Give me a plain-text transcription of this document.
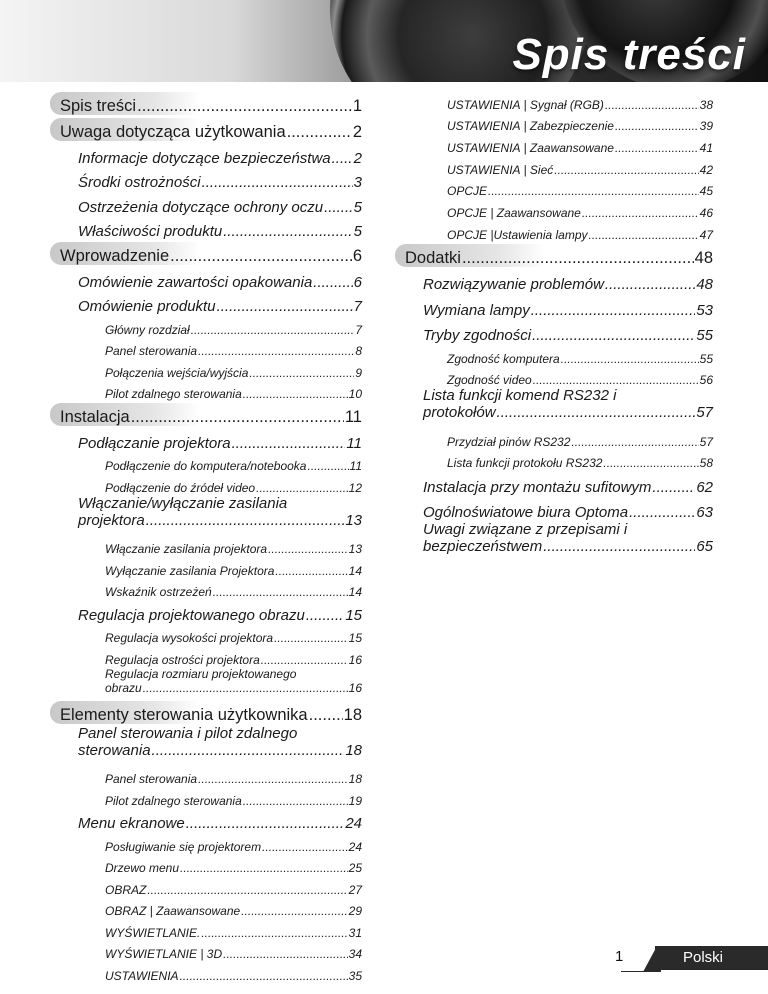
Spis treści
Spis treści .....	1
Uwaga dotycząca użytkowania .....	2
Informacje dotyczące bezpieczeństwa ..... 2
Środki ostrożności .....	3
Ostrzeżenia dotyczące ochrony oczu ..... 5
Właściwości produktu .....	5
Wprowadzenie .....	6
Omówienie zawartości opakowania .....	6
Omówienie produktu .....	7
Główny rozdział .....	7
Panel sterowania .....	8
Połączenia wejścia/wyjścia .....	9
Pilot zdalnego sterowania .....	10
Instalacja .....	11
Podłączanie projektora .....	11
Podłączenie do komputera/notebooka .....	11
Podłączenie do źródeł video .....	12
Włączanie/wyłączanie zasilania
projektora .....	13
Włączanie zasilania projektora .....	13
Wyłączanie zasilania Projektora .....	14
Wskaźnik ostrzeżeń .....	14
Regulacja projektowanego obrazu .....	15
Regulacja wysokości projektora .....	15
Regulacja ostrości projektora .....	16
Regulacja rozmiaru projektowanego
obrazu .....	16
Elementy sterowania użytkownika ..... 18
Panel sterowania i pilot zdalnego
sterowania .....	18
Panel sterowania .....	18
Pilot zdalnego sterowania .....	19
Menu ekranowe .....	24
Posługiwanie się projektorem .....	24
Drzewo menu .....	25
OBRAZ .....	27
OBRAZ | Zaawansowane .....	29
WYŚWIETLANIE. .....	31
WYŚWIETLANIE | 3D .....	34
USTAWIENIA .....	35
USTAWIENIA | Sygnał (RGB) .....	38
USTAWIENIA | Zabezpieczenie .....	39
USTAWIENIA | Zaawansowane .....	41
USTAWIENIA | Sieć .....	42
OPCJE .....	45
OPCJE | Zaawansowane .....	46
OPCJE |Ustawienia lampy .....	47
Dodatki .....	48
Rozwiązywanie problemów .....	48
Wymiana lampy .....	53
Tryby zgodności .....	55
Zgodność komputera .....	55
Zgodność video .....	56
Lista funkcji komend RS232 i
protokołów .....	57
Przydział pinów RS232 .....	57
Lista funkcji protokołu RS232 .....	58
Instalacja przy montażu sufitowym .....	62
Ogólnoświatowe biura Optoma .....	63
Uwagi związane z przepisami i
bezpieczeństwem .....	65
1	Polski
